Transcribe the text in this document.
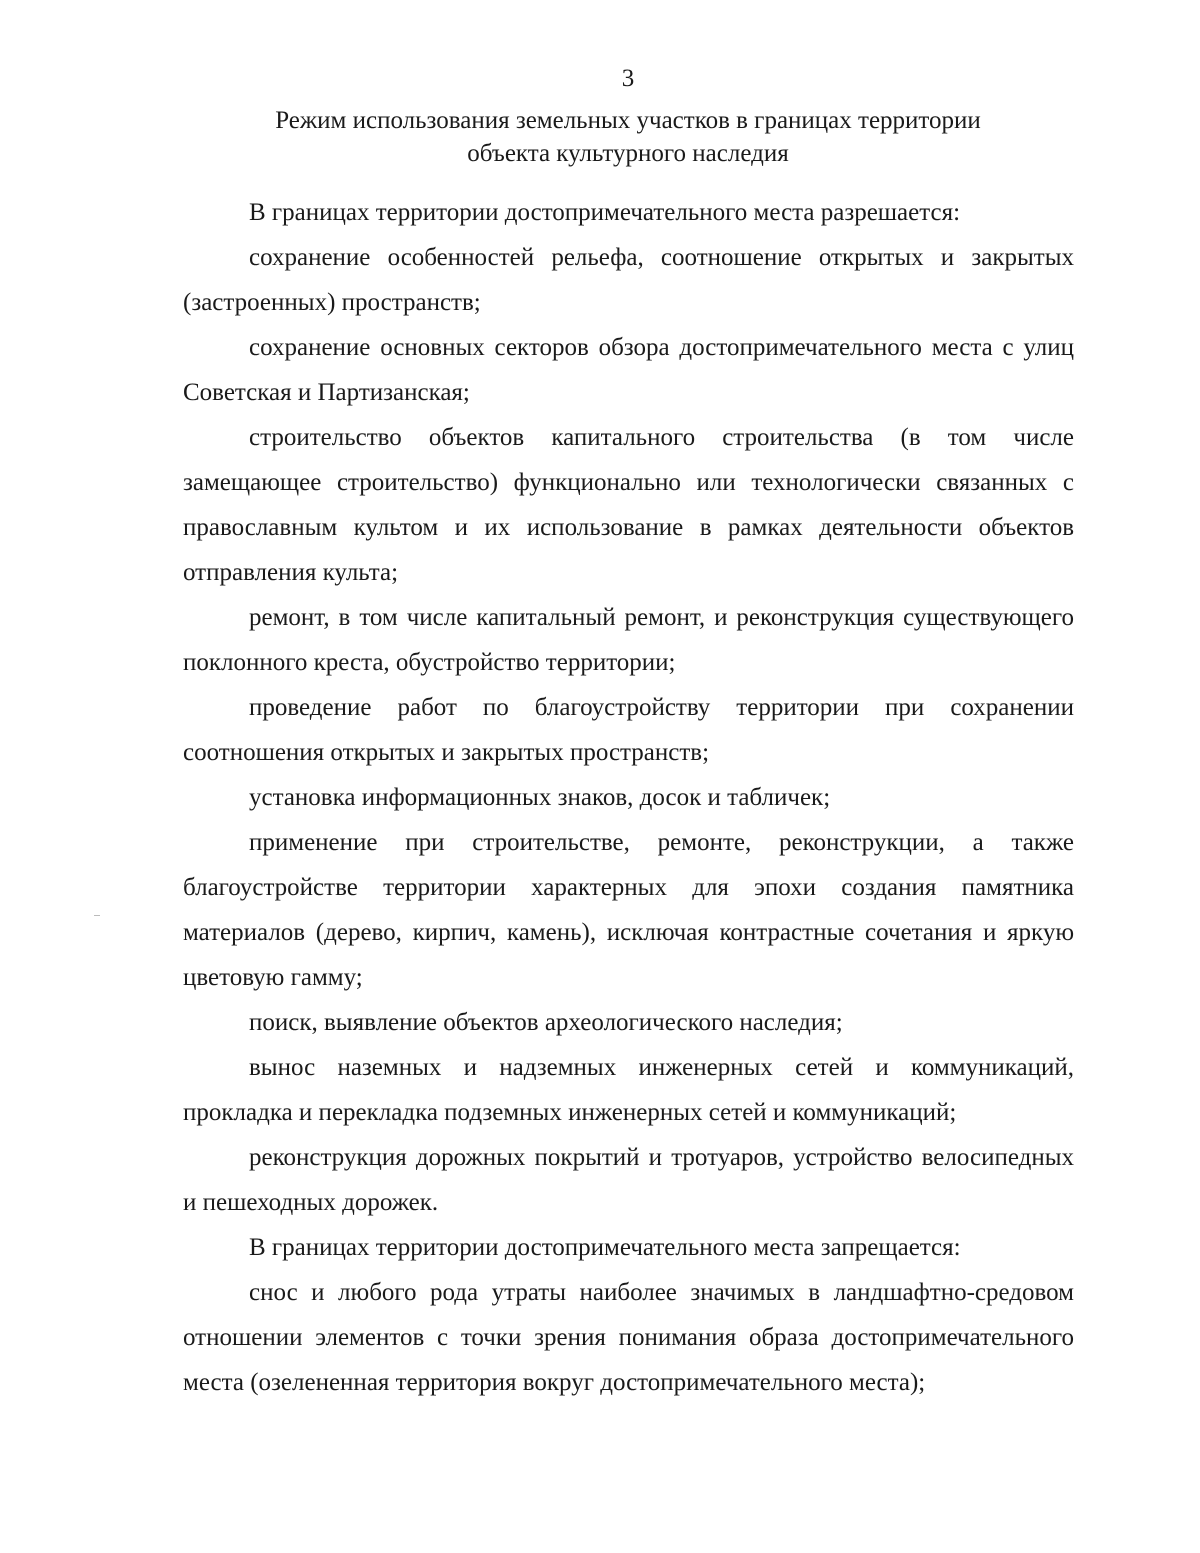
3
Режим использования земельных участков в границах территории
объекта культурного наследия

В границах территории достопримечательного места разрешается:

сохранение особенностей рельефа, соотношение открытых и закрытых (застроенных) пространств;

сохранение основных секторов обзора достопримечательного места с улиц Советская и Партизанская;

строительство объектов капитального строительства (в том числе замещающее строительство) функционально или технологически связанных с православным культом и их использование в рамках деятельности объектов отправления культа;

ремонт, в том числе капитальный ремонт, и реконструкция существующего поклонного креста, обустройство территории;

проведение работ по благоустройству территории при сохранении соотношения открытых и закрытых пространств;

установка информационных знаков, досок и табличек;

применение при строительстве, ремонте, реконструкции, а также благоустройстве территории характерных для эпохи создания памятника материалов (дерево, кирпич, камень), исключая контрастные сочетания и яркую цветовую гамму;

поиск, выявление объектов археологического наследия;

вынос наземных и надземных инженерных сетей и коммуникаций, прокладка и перекладка подземных инженерных сетей и коммуникаций;

реконструкция дорожных покрытий и тротуаров, устройство велосипедных и пешеходных дорожек.

В границах территории достопримечательного места запрещается:

снос и любого рода утраты наиболее значимых в ландшафтно-средовом отношении элементов с точки зрения понимания образа достопримечательного места (озелененная территория вокруг достопримечательного места);
